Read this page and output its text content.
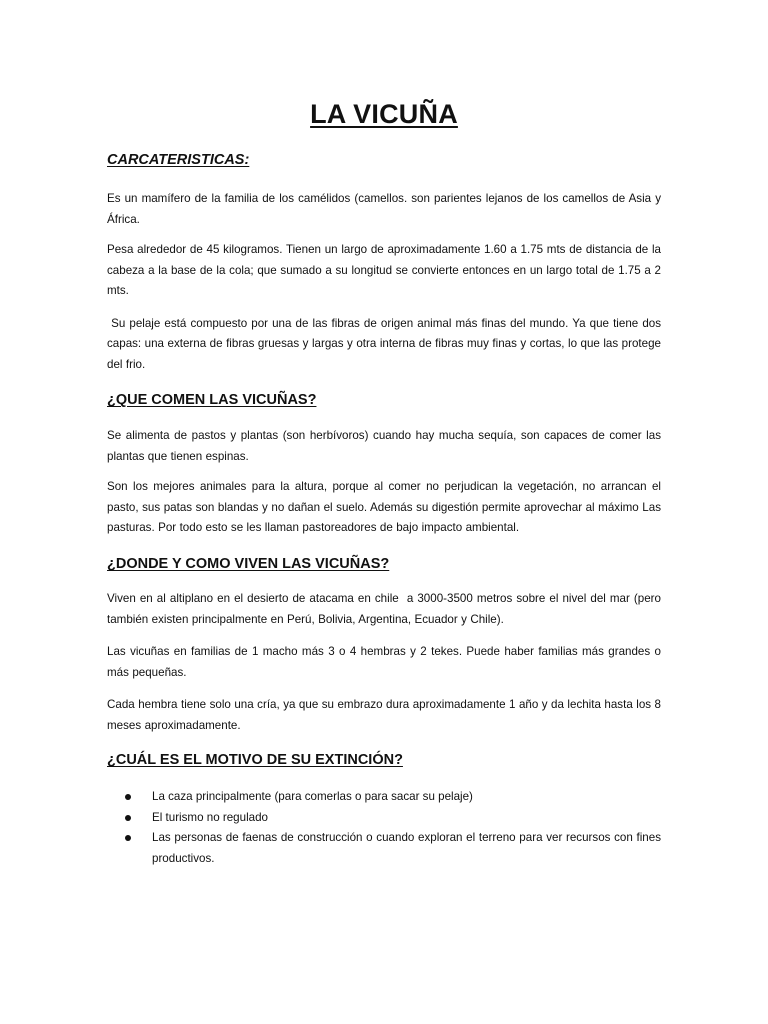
LA VICUÑA
CARCATERISTICAS:

Es un mamífero de la familia de los camélidos (camellos. son parientes lejanos de los camellos de Asia y África.

Pesa alrededor de 45 kilogramos. Tienen un largo de aproximadamente 1.60 a 1.75 mts de distancia de la cabeza a la base de la cola; que sumado a su longitud se convierte entonces en un largo total de 1.75 a 2 mts.

Su pelaje está compuesto por una de las fibras de origen animal más finas del mundo. Ya que tiene dos capas: una externa de fibras gruesas y largas y otra interna de fibras muy finas y cortas, lo que las protege del frio.

¿QUE COMEN LAS VICUÑAS?

Se alimenta de pastos y plantas (son herbívoros) cuando hay mucha sequía, son capaces de comer las plantas que tienen espinas.

Son los mejores animales para la altura, porque al comer no perjudican la vegetación, no arrancan el pasto, sus patas son blandas y no dañan el suelo. Además su digestión permite aprovechar al máximo Las pasturas. Por todo esto se les llaman pastoreadores de bajo impacto ambiental.

¿DONDE Y COMO VIVEN LAS VICUÑAS?

Viven en al altiplano en el desierto de atacama en chile  a 3000-3500 metros sobre el nivel del mar (pero también existen principalmente en Perú, Bolivia, Argentina, Ecuador y Chile).

Las vicuñas en familias de 1 macho más 3 o 4 hembras y 2 tekes. Puede haber familias más grandes o más pequeñas.

Cada hembra tiene solo una cría, ya que su embrazo dura aproximadamente 1 año y da lechita hasta los 8 meses aproximadamente.

¿CUÁL ES EL MOTIVO DE SU EXTINCIÓN?
La caza principalmente (para comerlas o para sacar su pelaje)
El turismo no regulado
Las personas de faenas de construcción o cuando exploran el terreno para ver recursos con fines productivos.
